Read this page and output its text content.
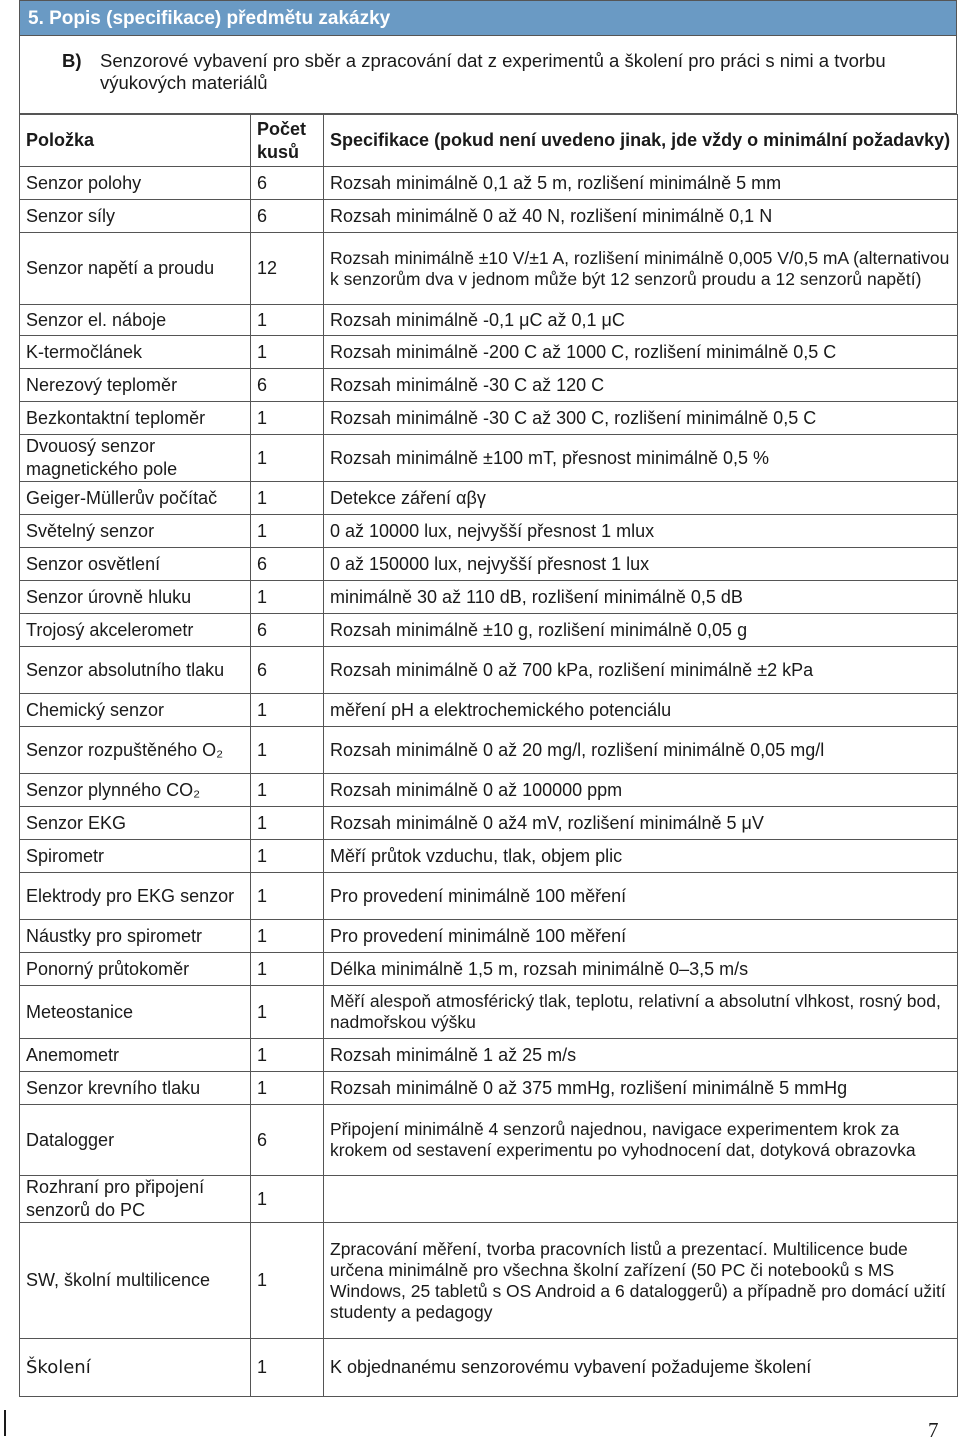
5. Popis (specifikace) předmětu zakázky
B) Senzorové vybavení pro sběr a zpracování dat z experimentů a školení pro práci s nimi a tvorbu výukových materiálů
Položka	Počet kusů	Specifikace (pokud není uvedeno jinak, jde vždy o minimální požadavky)
Senzor polohy	6	Rozsah minimálně 0,1 až 5 m, rozlišení minimálně 5 mm
Senzor síly	6	Rozsah minimálně 0 až 40 N, rozlišení minimálně 0,1 N
Senzor napětí a proudu	12	Rozsah minimálně ±10 V/±1 A, rozlišení minimálně 0,005 V/0,5 mA (alternativou k senzorům dva v jednom může být 12 senzorů proudu a 12 senzorů napětí)
Senzor el. náboje	1	Rozsah minimálně -0,1 μC až 0,1 μC
K-termočlánek	1	Rozsah minimálně -200 C až 1000 C, rozlišení minimálně 0,5 C
Nerezový teploměr	6	Rozsah minimálně -30 C až 120 C
Bezkontaktní teploměr	1	Rozsah minimálně -30 C až 300 C, rozlišení minimálně 0,5 C
Dvouosý senzor magnetického pole	1	Rozsah minimálně ±100 mT, přesnost minimálně 0,5 %
Geiger-Müllerův počítač	1	Detekce záření αβγ
Světelný senzor	1	0 až 10000 lux, nejvyšší přesnost 1 mlux
Senzor osvětlení	6	0 až 150000 lux, nejvyšší přesnost 1 lux
Senzor úrovně hluku	1	minimálně 30 až 110 dB, rozlišení minimálně 0,5 dB
Trojosý akcelerometr	6	Rozsah minimálně ±10 g, rozlišení minimálně 0,05 g
Senzor absolutního tlaku	6	Rozsah minimálně 0 až 700 kPa, rozlišení minimálně ±2 kPa
Chemický senzor	1	měření pH a elektrochemického potenciálu
Senzor rozpuštěného O₂	1	Rozsah minimálně 0 až 20 mg/l, rozlišení minimálně 0,05 mg/l
Senzor plynného CO₂	1	Rozsah minimálně 0 až 100000 ppm
Senzor EKG	1	Rozsah minimálně 0 až4 mV, rozlišení minimálně 5 μV
Spirometr	1	Měří průtok vzduchu, tlak, objem plic
Elektrody pro EKG senzor	1	Pro provedení minimálně 100 měření
Náustky pro spirometr	1	Pro provedení minimálně 100 měření
Ponorný průtokoměr	1	Délka minimálně 1,5 m, rozsah minimálně 0–3,5 m/s
Meteostanice	1	Měří alespoň atmosférický tlak, teplotu, relativní a absolutní vlhkost, rosný bod, nadmořskou výšku
Anemometr	1	Rozsah minimálně 1 až 25 m/s
Senzor krevního tlaku	1	Rozsah minimálně 0 až 375 mmHg, rozlišení minimálně 5 mmHg
Datalogger	6	Připojení minimálně 4 senzorů najednou, navigace experimentem krok za krokem od sestavení experimentu po vyhodnocení dat, dotyková obrazovka
Rozhraní pro připojení senzorů do PC	1	
SW, školní multilicence	1	Zpracování měření, tvorba pracovních listů a prezentací. Multilicence bude určena minimálně pro všechna školní zařízení (50 PC či notebooků s MS Windows, 25 tabletů s OS Android a 6 dataloggerů) a případně pro domácí užití studenty a pedagogy
Školení	1	K objednanému senzorovému vybavení požadujeme školení
7
